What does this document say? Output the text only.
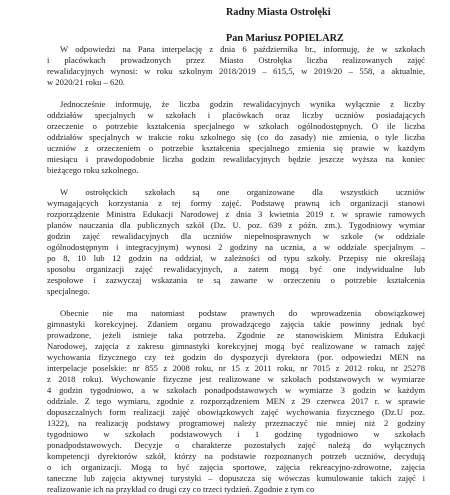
Radny Miasta Ostrołęki
Pan Mariusz POPIELARZ
W odpowiedzi na Pana interpelację z dnia 6 października br., informuję, że w szkołach
i placówkach prowadzonych przez Miasto Ostrołęka liczba realizowanych zajęć
rewalidacyjnych wynosi: w roku szkolnym 2018/2019 – 615,5, w 2019/20 – 558, a aktualnie,
w 2020/21 roku – 620.
Jednocześnie informuję, że liczba godzin rewalidacyjnych wynika wyłącznie z liczby
oddziałów specjalnych w szkołach i placówkach oraz liczby uczniów posiadających
orzeczenie o potrzebie kształcenia specjalnego w szkołach ogólnodostępnych. O ile liczba
oddziałów specjalnych w trakcie roku szkolnego się (co do zasady) nie zmienia, o tyle liczba
uczniów z orzeczeniem o potrzebie kształcenia specjalnego zmienia się prawie w każdym
miesiącu i prawdopodobnie liczba godzin rewalidacyjnych będzie jeszcze wyższa na koniec
bieżącego roku szkolnego.
W ostrołęckich szkołach są one organizowane dla wszystkich uczniów
wymagających korzystania z tej formy zajęć. Podstawę prawną ich organizacji stanowi
rozporządzenie Ministra Edukacji Narodowej z dnia 3 kwietnia 2019 r. w sprawie ramowych
planów nauczania dla publicznych szkół (Dz. U. poz. 639 z późn. zm.). Tygodniowy wymiar
godzin zajęć rewalidacyjnych dla uczniów niepełnosprawnych w szkole (w oddziale
ogólnodostępnym i integracyjnym) wynosi 2 godziny na ucznia, a w oddziale specjalnym –
po 8, 10 lub 12 godzin na oddział, w zależności od typu szkoły. Przepisy nie określają
sposobu organizacji zajęć rewalidacyjnych, a zatem mogą być one indywidualne lub
zespołowe i zazwyczaj wskazania te są zawarte w orzeczeniu o potrzebie kształcenia
specjalnego.
Obecnie nie ma natomiast podstaw prawnych do wprowadzenia obowiązkowej
gimnastyki korekcyjnej. Zdaniem organu prowadzącego zajęcia takie powinny jednak być
prowadzone, jeżeli istnieje taka potrzeba. Zgodnie ze stanowiskiem Ministra Edukacji
Narodowej, zajęcia z zakresu gimnastyki korekcyjnej mogą być realizowane w ramach zajęć
wychowania fizycznego czy też godzin do dyspozycji dyrektora (por. odpowiedzi MEN na
interpelacje poselskie: nr 855 z 2008 roku, nr 15 z 2011 roku, nr 7015 z 2012 roku, nr 25278
z 2018 roku). Wychowanie fizyczne jest realizowane w szkołach podstawowych w wymiarze
4 godzin tygodniowo, a w szkołach ponadpodstawowych w wymiarze 3 godzin w każdym
oddziale. Z tego wymiaru, zgodnie z rozporządzeniem MEN z 29 czerwca 2017 r. w sprawie
dopuszczalnych form realizacji zajęć obowiązkowych zajęć wychowania fizycznego (Dz.U poz.
1322), na realizację podstawy programowej należy przeznaczyć nie mniej niż 2 godziny
tygodniowo w szkołach podstawowych i 1 godzinę tygodniowo w szkołach
ponadpodstawowych. Decyzje o charakterze pozostałych zajęć należą do wyłącznych
kompetencji dyrektorów szkół, którzy na podstawie rozpoznanych potrzeb uczniów, decydują
o ich organizacji. Mogą to być zajęcia sportowe, zajęcia rekreacyjno-zdrowotne, zajęcia
taneczne lub zajęcia aktywnej turystyki – dopuszcza się wówczas kumulowanie takich zajęć i
realizowanie ich na przykład co drugi czy co trzeci tydzień. Zgodnie z tym co
